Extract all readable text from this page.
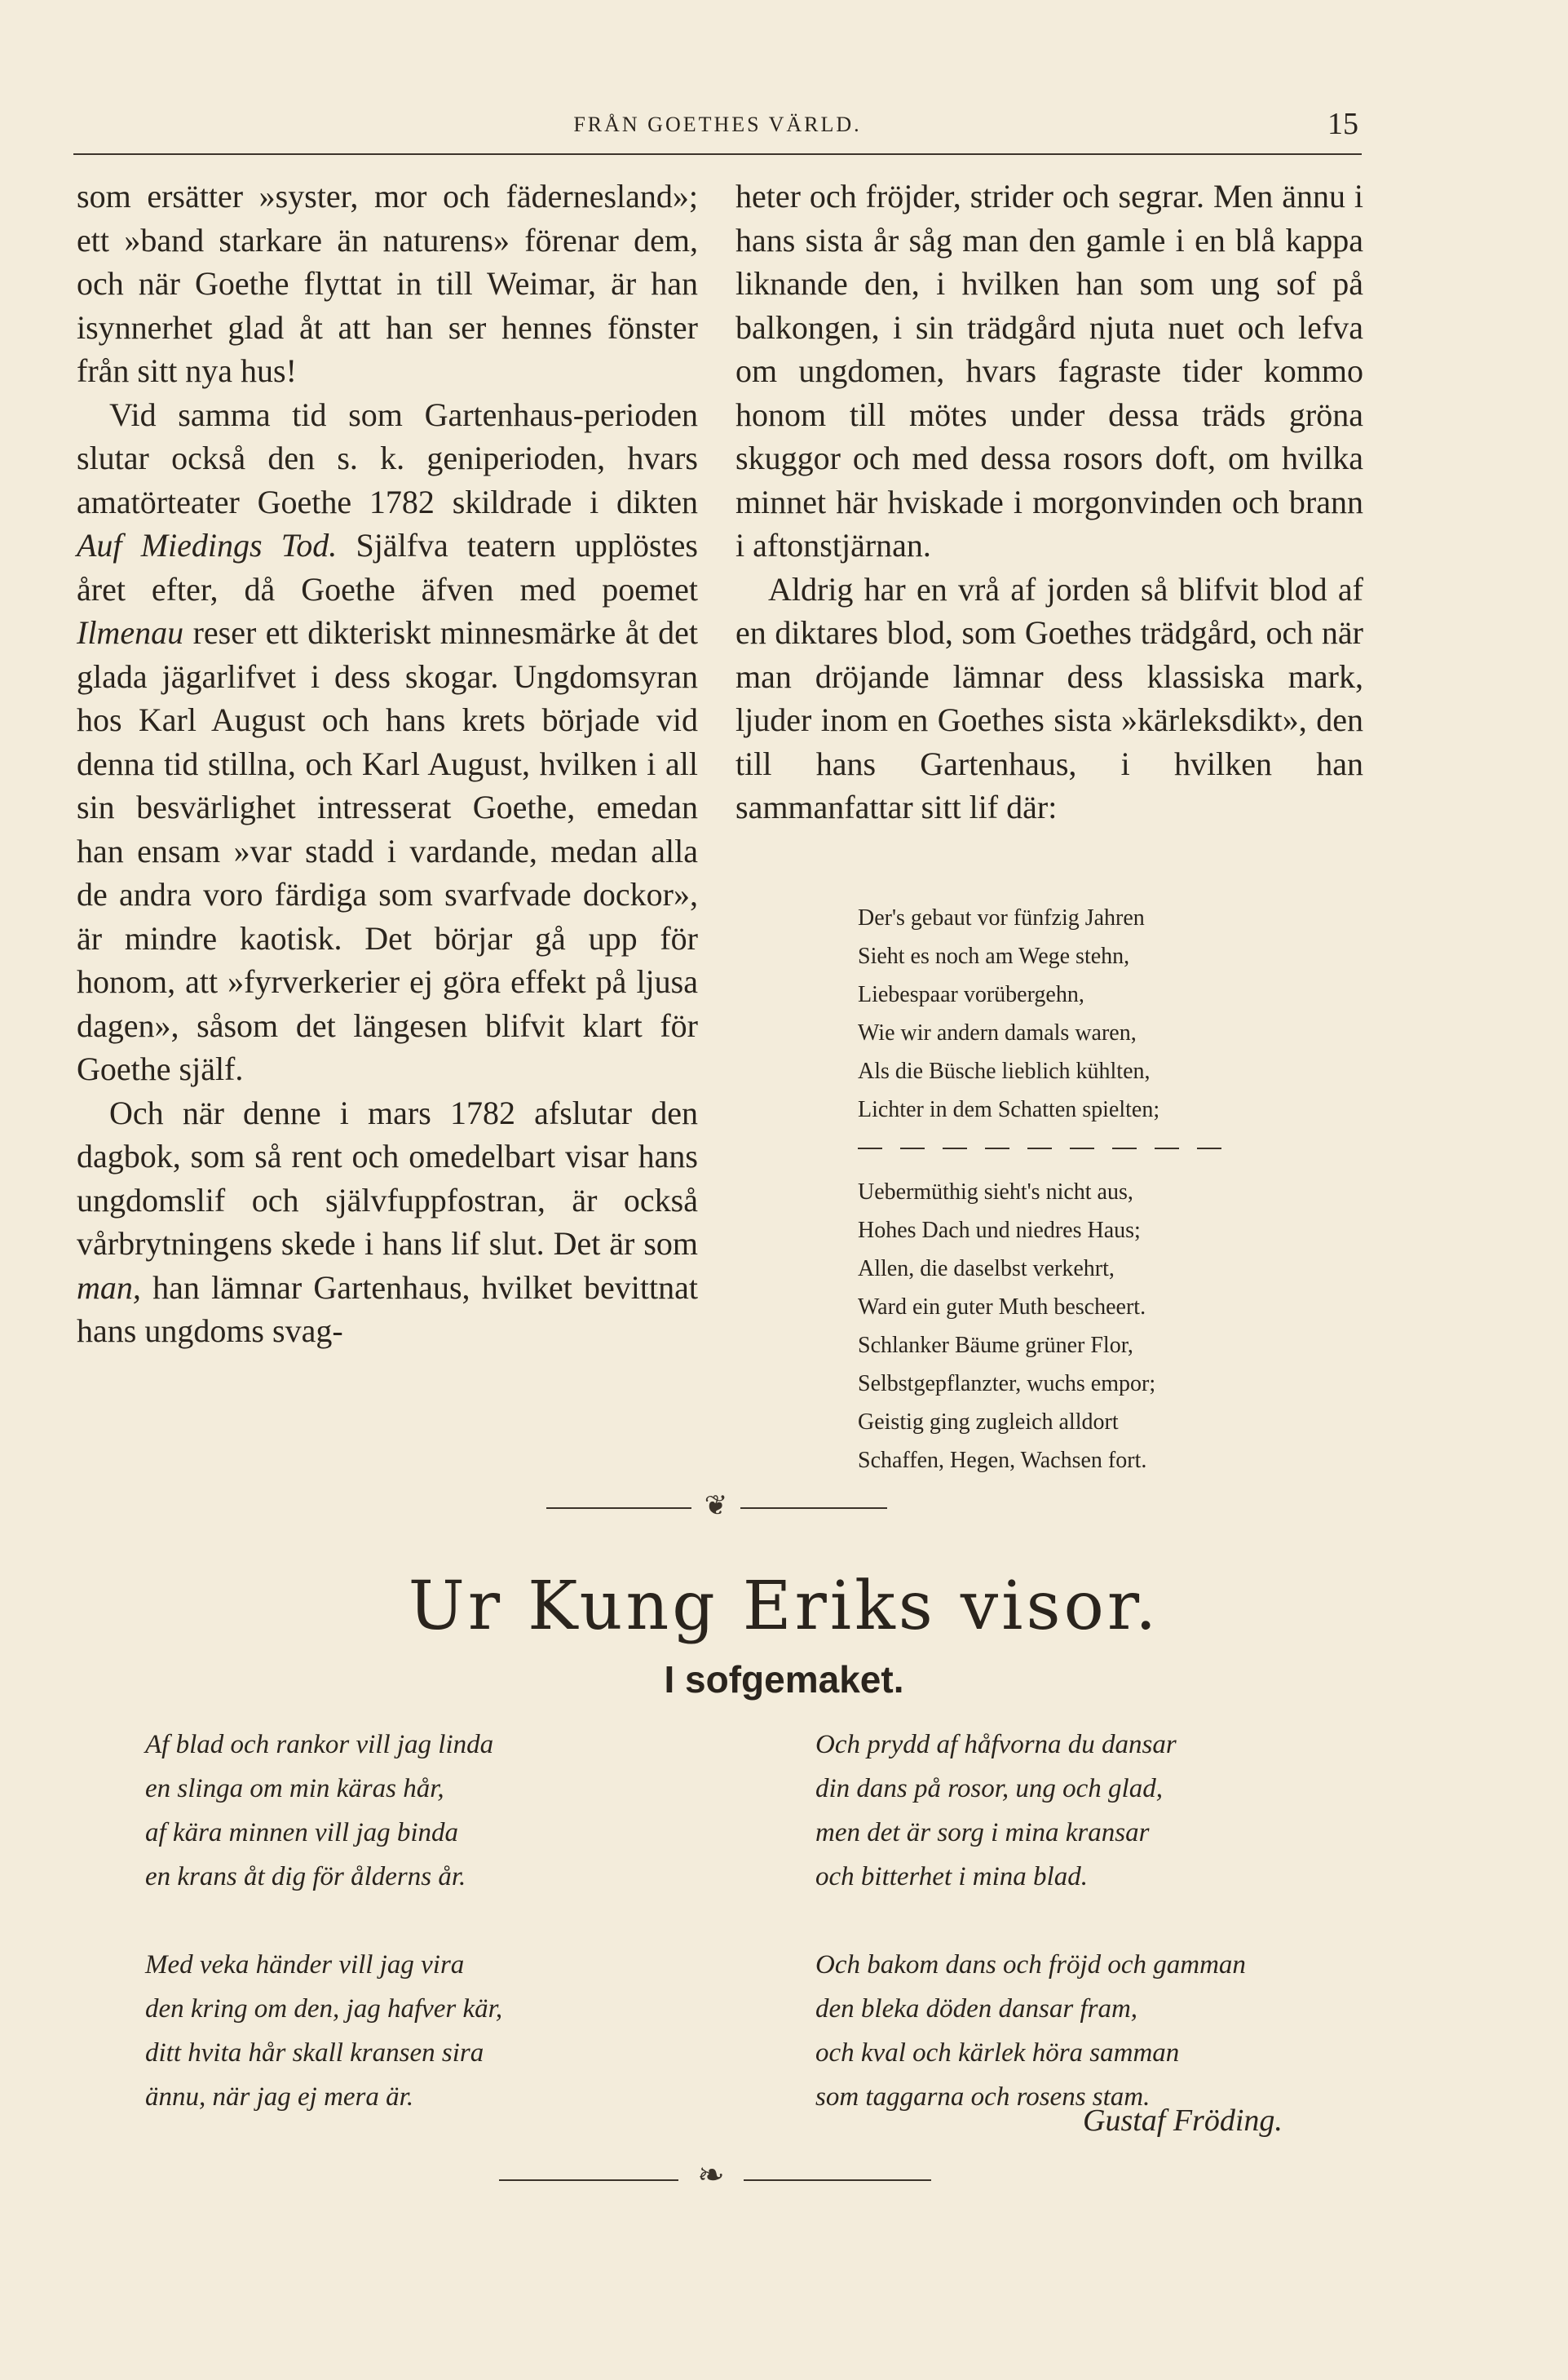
FRÅN GOETHES VÄRLD.	15

som ersätter »syster, mor och fädernesland»; ett »band starkare än naturens» förenar dem, och när Goethe flyttat in till Weimar, är han isynnerhet glad åt att han ser hennes fönster från sitt nya hus!

Vid samma tid som Gartenhaus-perioden slutar också den s. k. geniperioden, hvars amatörteater Goethe 1782 skildrade i dikten Auf Miedings Tod. Själfva teatern upplöstes året efter, då Goethe äfven med poemet Ilmenau reser ett dikteriskt minnesmärke åt det glada jägarlifvet i dess skogar. Ungdomsyran hos Karl August och hans krets började vid denna tid stillna, och Karl August, hvilken i all sin besvärlighet intresserat Goethe, emedan han ensam »var stadd i vardande, medan alla de andra voro färdiga som svarfvade dockor», är mindre kaotisk. Det börjar gå upp för honom, att »fyrverkerier ej göra effekt på ljusa dagen», såsom det längesen blifvit klart för Goethe själf.

Och när denne i mars 1782 afslutar den dagbok, som så rent och omedelbart visar hans ungdomslif och självfuppfostran, är också vårbrytningens skede i hans lif slut. Det är som man, han lämnar Gartenhaus, hvilket bevittnat hans ungdoms svag-

heter och fröjder, strider och segrar. Men ännu i hans sista år såg man den gamle i en blå kappa liknande den, i hvilken han som ung sof på balkongen, i sin trädgård njuta nuet och lefva om ungdomen, hvars fagraste tider kommo honom till mötes under dessa träds gröna skuggor och med dessa rosors doft, om hvilka minnet här hviskade i morgonvinden och brann i aftonstjärnan.

Aldrig har en vrå af jorden så blifvit blod af en diktares blod, som Goethes trädgård, och när man dröjande lämnar dess klassiska mark, ljuder inom en Goethes sista »kärleksdikt», den till hans Gartenhaus, i hvilken han sammanfattar sitt lif där:

Der's gebaut vor fünfzig Jahren
Sieht es noch am Wege stehn,
Liebespaar vorübergehn,
Wie wir andern damals waren,
Als die Büsche lieblich kühlten,
Lichter in dem Schatten spielten;
Uebermüthig sieht's nicht aus,
Hohes Dach und niedres Haus;
Allen, die daselbst verkehrt,
Ward ein guter Muth bescheert.
Schlanker Bäume grüner Flor,
Selbstgepflanzter, wuchs empor;
Geistig ging zugleich alldort
Schaffen, Hegen, Wachsen fort.
❦
Ur Kung Eriks visor.
I sofgemaket.
Af blad och rankor vill jag linda
en slinga om min käras hår,
af kära minnen vill jag binda
en krans åt dig för ålderns år.
Med veka händer vill jag vira
den kring om den, jag hafver kär,
ditt hvita hår skall kransen sira
ännu, när jag ej mera är.
Och prydd af håfvorna du dansar
din dans på rosor, ung och glad,
men det är sorg i mina kransar
och bitterhet i mina blad.
Och bakom dans och fröjd och gamman
den bleka döden dansar fram,
och kval och kärlek höra samman
som taggarna och rosens stam.
Gustaf Fröding.
❧
